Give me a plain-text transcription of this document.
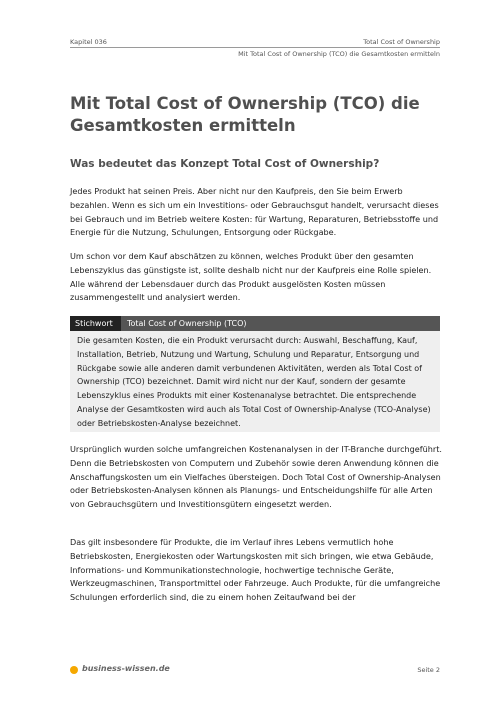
Kapitel 036	Total Cost of Ownership
Mit Total Cost of Ownership (TCO) die Gesamtkosten ermitteln
Mit Total Cost of Ownership (TCO) die Gesamtkosten ermitteln
Was bedeutet das Konzept Total Cost of Ownership?

Jedes Produkt hat seinen Preis. Aber nicht nur den Kaufpreis, den Sie beim Erwerb bezahlen. Wenn es sich um ein Investitions- oder Gebrauchsgut handelt, verursacht dieses bei Gebrauch und im Betrieb weitere Kosten: für Wartung, Reparaturen, Betriebsstoffe und Energie für die Nutzung, Schulungen, Entsorgung oder Rückgabe.

Um schon vor dem Kauf abschätzen zu können, welches Produkt über den gesamten Lebenszyklus das günstigste ist, sollte deshalb nicht nur der Kaufpreis eine Rolle spielen. Alle während der Lebensdauer durch das Produkt ausgelösten Kosten müssen zusammengestellt und analysiert werden.

Stichwort	Total Cost of Ownership (TCO)

Die gesamten Kosten, die ein Produkt verursacht durch: Auswahl, Beschaffung, Kauf, Installation, Betrieb, Nutzung und Wartung, Schulung und Reparatur, Entsorgung und Rückgabe sowie alle anderen damit verbundenen Aktivitäten, werden als Total Cost of Ownership (TCO) bezeichnet. Damit wird nicht nur der Kauf, sondern der gesamte Lebenszyklus eines Produkts mit einer Kostenanalyse betrachtet. Die entsprechende Analyse der Gesamtkosten wird auch als Total Cost of Ownership-Analyse (TCO-Analyse) oder Betriebskosten-Analyse bezeichnet.

Ursprünglich wurden solche umfangreichen Kostenanalysen in der IT-Branche durchgeführt. Denn die Betriebskosten von Computern und Zubehör sowie deren Anwendung können die Anschaffungskosten um ein Vielfaches übersteigen. Doch Total Cost of Ownership-Analysen oder Betriebskosten-Analysen können als Planungs- und Entscheidungshilfe für alle Arten von Gebrauchsgütern und Investitionsgütern eingesetzt werden.

Das gilt insbesondere für Produkte, die im Verlauf ihres Lebens vermutlich hohe Betriebskosten, Energiekosten oder Wartungskosten mit sich bringen, wie etwa Gebäude, Informations- und Kommunikationstechnologie, hochwertige technische Geräte, Werkzeugmaschinen, Transportmittel oder Fahrzeuge. Auch Produkte, für die umfangreiche Schulungen erforderlich sind, die zu einem hohen Zeitaufwand bei der

business-wissen.de	Seite 2
